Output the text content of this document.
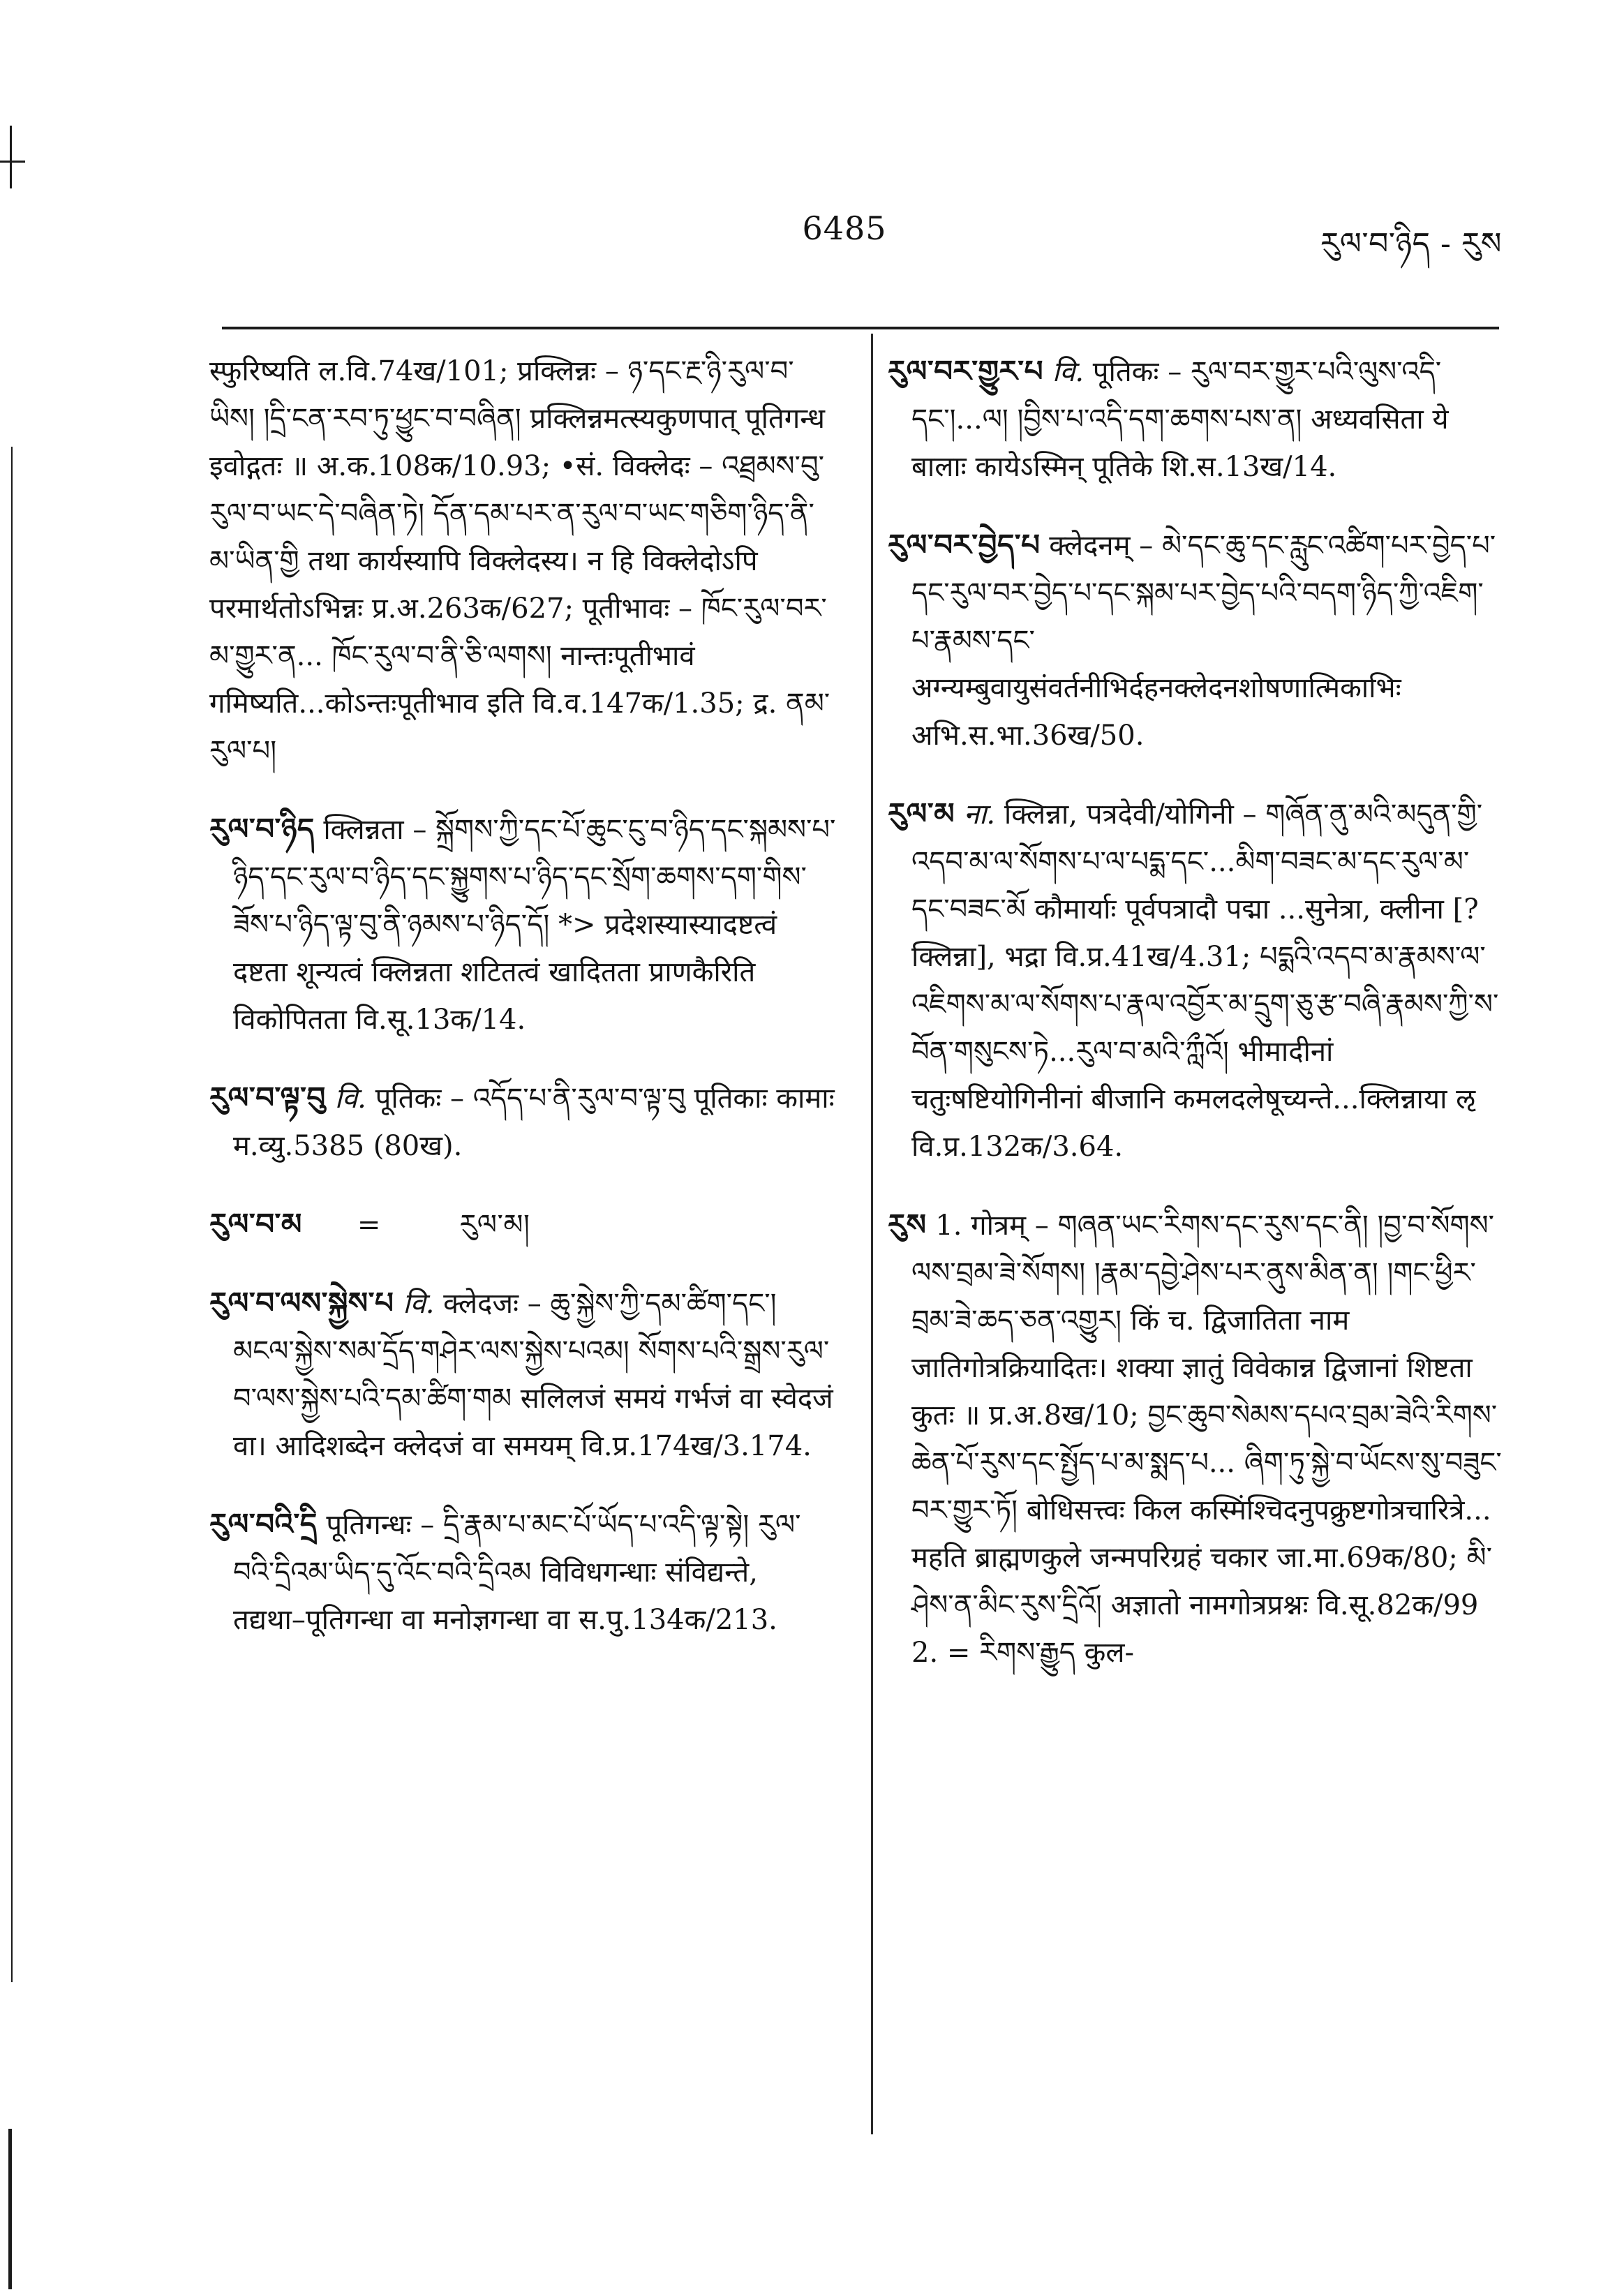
6485	རུལ་བ་ཉིད - རུས

स्फुरिष्यति ल.वि.74ख/101; प्रक्लिन्नः – ཉ་དང་རྔ་ཉི་རུལ་བ་ཡིས། །དྲི་ངན་རབ་ཏུ་ཕྱུང་བ་བཞིན། प्रक्लिन्नमत्स्यकुणपात् पूतिगन्ध इवोद्गतः ॥ अ.क.108क/10.93; •सं. विक्लेदः – འཐྲམས་བུ་རུལ་བ་ཡང་དེ་བཞིན་ཏེ། དོན་དམ་པར་ན་རུལ་བ་ཡང་གཅིག་ཉིད་ནི་མ་ཡིན་གྱི तथा कार्यस्यापि विक्लेदस्य। न हि विक्लेदोऽपि परमार्थतोऽभिन्नः प्र.अ.263क/627; पूतीभावः – ཁོང་རུལ་བར་མ་གྱུར་ན... ཁོང་རུལ་བ་ནི་ཅི་ལགས། नान्तःपूतीभावं गमिष्यति...कोऽन्तःपूतीभाव इति वि.व.147क/1.35; द्र. ནམ་རུལ་པ།

རུལ་བ་ཉིད क्लिन्नता – སྐྲོགས་ཀྱི་དང་པོ་ཆུང་ངུ་བ་ཉིད་དང་སྐམས་པ་ཉིད་དང་རུལ་བ་ཉིད་དང་སྐྱུགས་པ་ཉིད་དང་སྲོག་ཆགས་དག་གིས་ཟོས་པ་ཉིད་ལྟ་བུ་ནི་ཉམས་པ་ཉིད་དོ། *> प्रदेशस्यास्यादष्टत्वं दष्टता शून्यत्वं क्लिन्नता शटितत्वं खादितता प्राणकैरिति विकोपितता वि.सू.13क/14.

རུལ་བ་ལྟ་བུ वि. पूतिकः – འདོད་པ་ནི་རུལ་བ་ལྟ་བུ पूतिकाः कामाः म.व्यु.5385 (80ख).

རུལ་བ་མ =	རུལ་མ།

རུལ་བ་ལས་སྐྱེས་པ वि. क्लेदजः – ཆུ་སྐྱེས་ཀྱི་དམ་ཚིག་དང་། མངལ་སྐྱེས་སམ་དྲོད་གཤེར་ལས་སྐྱེས་པའམ། སོགས་པའི་སྒྲས་རུལ་བ་ལས་སྐྱེས་པའི་དམ་ཚིག་གམ सलिलजं समयं गर्भजं वा स्वेदजं वा। आदिशब्देन क्लेदजं वा समयम् वि.प्र.174ख/3.174.

རུལ་བའི་དྲི पूतिगन्धः – དྲི་རྣམ་པ་མང་པོ་ཡོད་པ་འདི་ལྟ་སྟེ། རུལ་བའི་དྲིའམ་ཡིད་དུ་འོང་བའི་དྲིའམ विविधगन्धाः संविद्यन्ते, तद्यथा–पूतिगन्धा वा मनोज्ञगन्धा वा स.पु.134क/213.

རུལ་བར་གྱུར་པ वि. पूतिकः – རུལ་བར་གྱུར་པའི་ལུས་འདི་དང་།...ལ། །བྱིས་པ་འདི་དག་ཆགས་པས་ན། अध्यवसिता ये बालाः कायेऽस्मिन् पूतिके शि.स.13ख/14.

རུལ་བར་བྱེད་པ क्लेदनम् – མེ་དང་ཆུ་དང་རླུང་འཚིག་པར་བྱེད་པ་དང་རུལ་བར་བྱེད་པ་དང་སྐམ་པར་བྱེད་པའི་བདག་ཉིད་ཀྱི་འཇིག་པ་རྣམས་དང་ अग्न्यम्बुवायुसंवर्तनीभिर्दहनक्लेदनशोषणात्मिकाभिः अभि.स.भा.36ख/50.

རུལ་མ ना. क्लिन्ना, पत्रदेवी/योगिनी – གཞོན་ནུ་མའི་མདུན་གྱི་འདབ་མ་ལ་སོགས་པ་ལ་པདྨ་དང་...མིག་བཟང་མ་དང་རུལ་མ་དང་བཟང་མོ कौमार्याः पूर्वपत्रादौ पद्मा ...सुनेत्रा, क्लीना [? क्लिन्ना], भद्रा वि.प्र.41ख/4.31; པདྨའི་འདབ་མ་རྣམས་ལ་འཇིགས་མ་ལ་སོགས་པ་རྣལ་འབྱོར་མ་དྲུག་ཅུ་རྩ་བཞི་རྣམས་ཀྱི་ས་བོན་གསུངས་ཏེ...རུལ་བ་མའི་ཀླྀའོ། भीमादीनां चतुःषष्टियोगिनीनां बीजानि कमलदलेषूच्यन्ते...क्लिन्नाया ऌ वि.प्र.132क/3.64.

རུས 1. गोत्रम् – གཞན་ཡང་རིགས་དང་རུས་དང་ནི། །བྱ་བ་སོགས་ལས་བྲམ་ཟེ་སོགས། །རྣམ་དབྱེ་ཤེས་པར་ནུས་མིན་ན། །གང་ཕྱིར་བྲམ་ཟེ་ཆད་ཅན་འགྱུར། किं च. द्विजातिता नाम जातिगोत्रक्रियादितः। शक्या ज्ञातुं विवेकान्न द्विजानां शिष्टता कुतः ॥ प्र.अ.8ख/10; བྱང་ཆུབ་སེམས་དཔའ་བྲམ་ཟེའི་རིགས་ཆེན་པོ་རུས་དང་སྤྱོད་པ་མ་སྨད་པ... ཞིག་ཏུ་སྐྱེ་བ་ཡོངས་སུ་བཟུང་བར་གྱུར་ཏོ། बोधिसत्त्वः किल कस्मिंश्चिदनुपक्रुष्टगोत्रचारित्रे... महति ब्राह्मणकुले जन्मपरिग्रहं चकार जा.मा.69क/80; མི་ཤེས་ན་མིང་རུས་དྲིའོ། अज्ञातो नामगोत्रप्रश्नः वि.सू.82क/99 2. = རིགས་རྒྱུད कुल-
